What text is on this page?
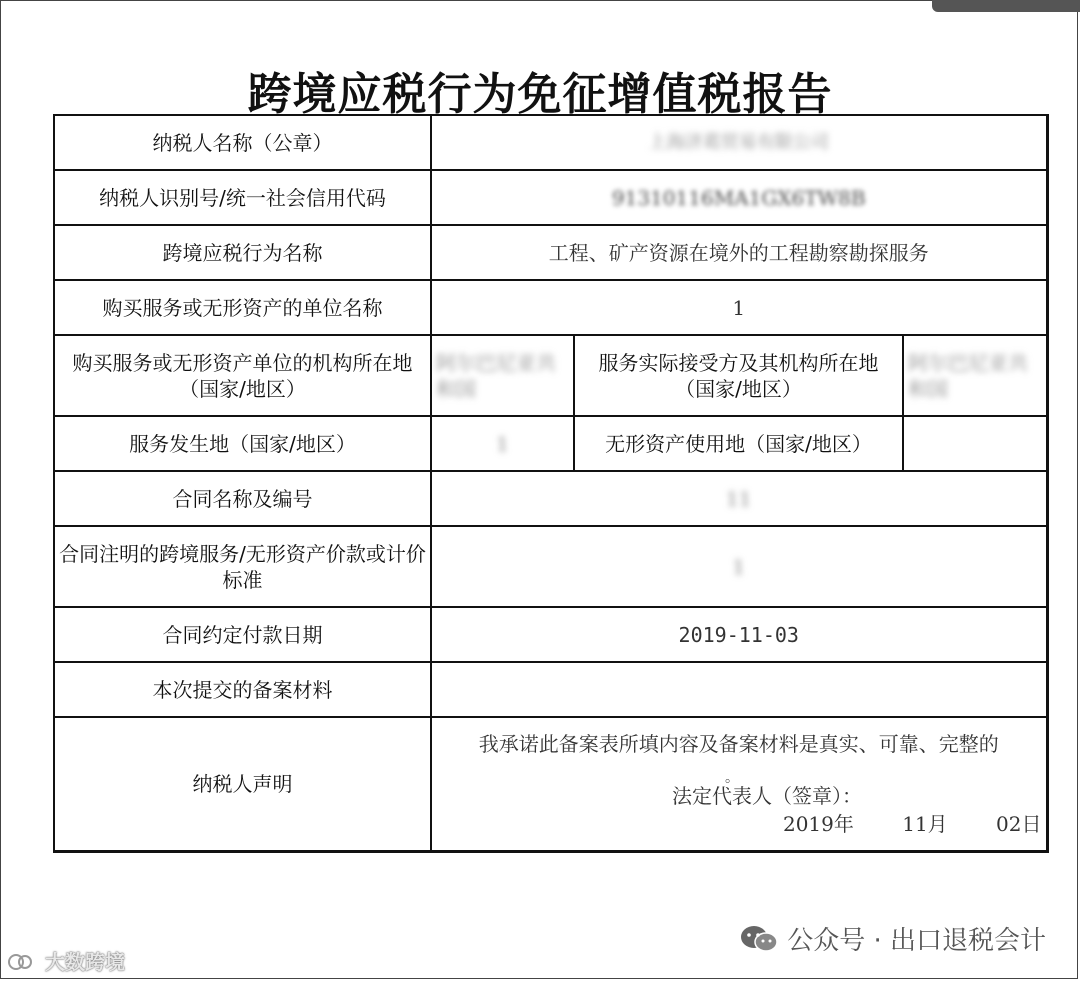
跨境应税行为免征增值税报告
纳税人名称（公章）	上海济葛贸易有限公司		
纳税人识别号/统一社会信用代码	91310116MA1GX6TW8B		
跨境应税行为名称	工程、矿产资源在境外的工程勘察勘探服务		
购买服务或无形资产的单位名称	1		
购买服务或无形资产单位的机构所在地（国家/地区）	阿尔巴尼亚共和国	服务实际接受方及其机构所在地（国家/地区）	阿尔巴尼亚共和国
服务发生地（国家/地区）	1	无形资产使用地（国家/地区）	
合同名称及编号	11		
合同注明的跨境服务/无形资产价款或计价标准	1		
合同约定付款日期	2019-11-03		
本次提交的备案材料			
纳税人声明	我承诺此备案表所填内容及备案材料是真实、可靠、完整的
。
法定代表人（签章）：
2019年 11月 02日		
大数跨境
公众号 · 出口退税会计
